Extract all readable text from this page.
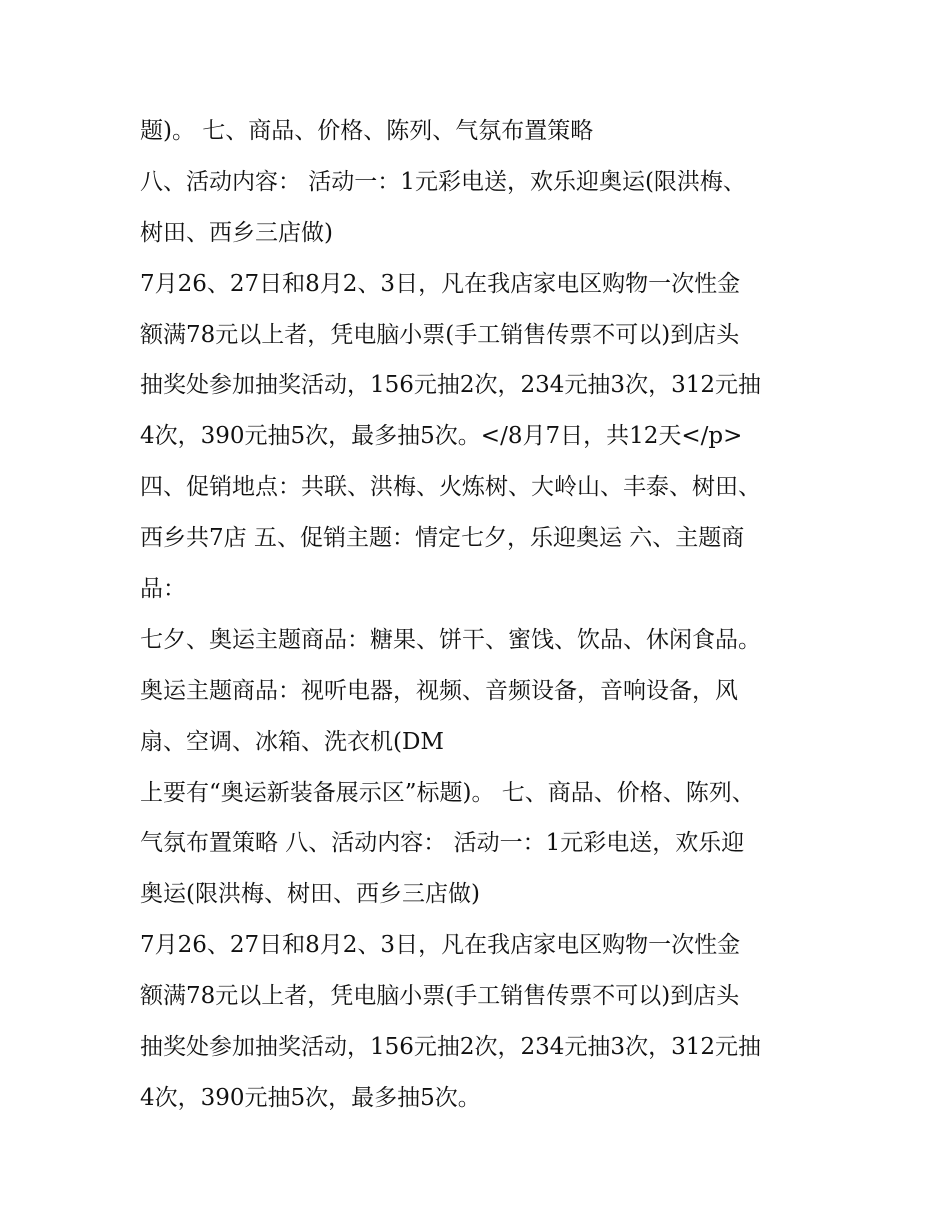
题)。 七、商品、价格、陈列、气氛布置策略
八、活动内容： 活动一：1元彩电送，欢乐迎奥运(限洪梅、
树田、西乡三店做)
7月26、27日和8月2、3日，凡在我店家电区购物一次性金
额满78元以上者，凭电脑小票(手工销售传票不可以)到店头
抽奖处参加抽奖活动，156元抽2次，234元抽3次，312元抽
4次，390元抽5次，最多抽5次。</8月7日，共12天</p>
四、促销地点：共联、洪梅、火炼树、大岭山、丰泰、树田、
西乡共7店 五、促销主题：情定七夕，乐迎奥运 六、主题商
品：
七夕、奥运主题商品：糖果、饼干、蜜饯、饮品、休闲食品。
奥运主题商品：视听电器，视频、音频设备，音响设备，风
扇、空调、冰箱、洗衣机(DM
上要有“奥运新装备展示区”标题)。 七、商品、价格、陈列、
气氛布置策略 八、活动内容： 活动一：1元彩电送，欢乐迎
奥运(限洪梅、树田、西乡三店做)
7月26、27日和8月2、3日，凡在我店家电区购物一次性金
额满78元以上者，凭电脑小票(手工销售传票不可以)到店头
抽奖处参加抽奖活动，156元抽2次，234元抽3次，312元抽
4次，390元抽5次，最多抽5次。
